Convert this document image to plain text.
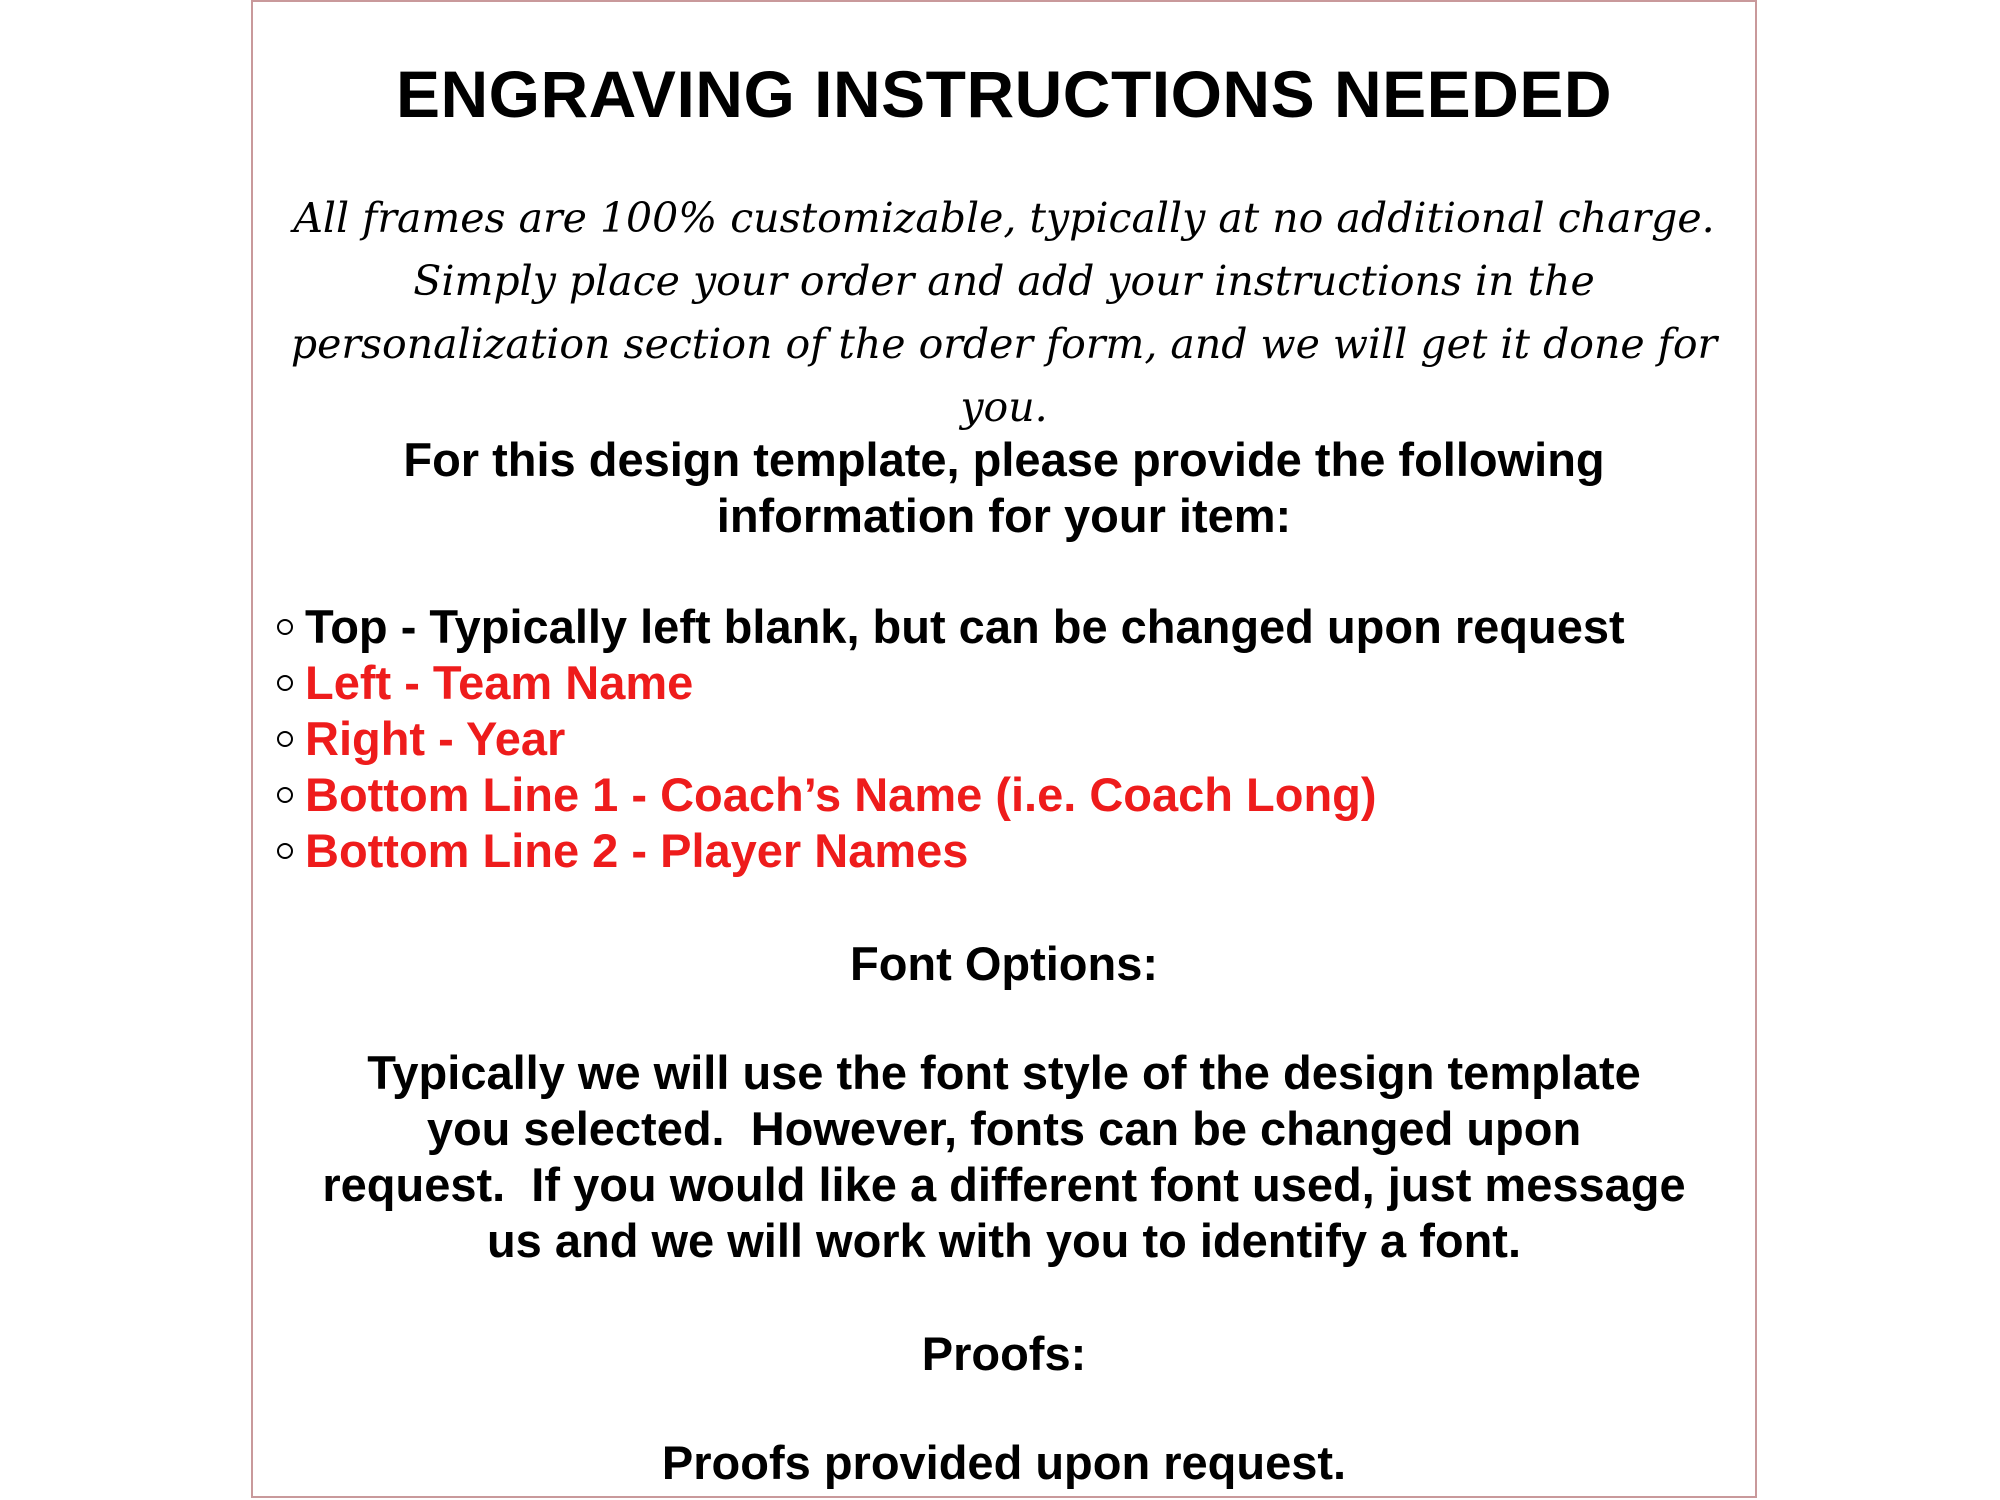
ENGRAVING INSTRUCTIONS NEEDED

All frames are 100% customizable, typically at no additional charge.
Simply place your order and add your instructions in the
personalization section of the order form, and we will get it done for you.

For this design template, please provide the following
information for your item:

Top - Typically left blank, but can be changed upon request
Left - Team Name
Right - Year
Bottom Line 1 - Coach’s Name (i.e. Coach Long)
Bottom Line 2 - Player Names
Font Options:

Typically we will use the font style of the design template
you selected.  However, fonts can be changed upon
request.  If you would like a different font used, just message
us and we will work with you to identify a font.

Proofs:

Proofs provided upon request.
